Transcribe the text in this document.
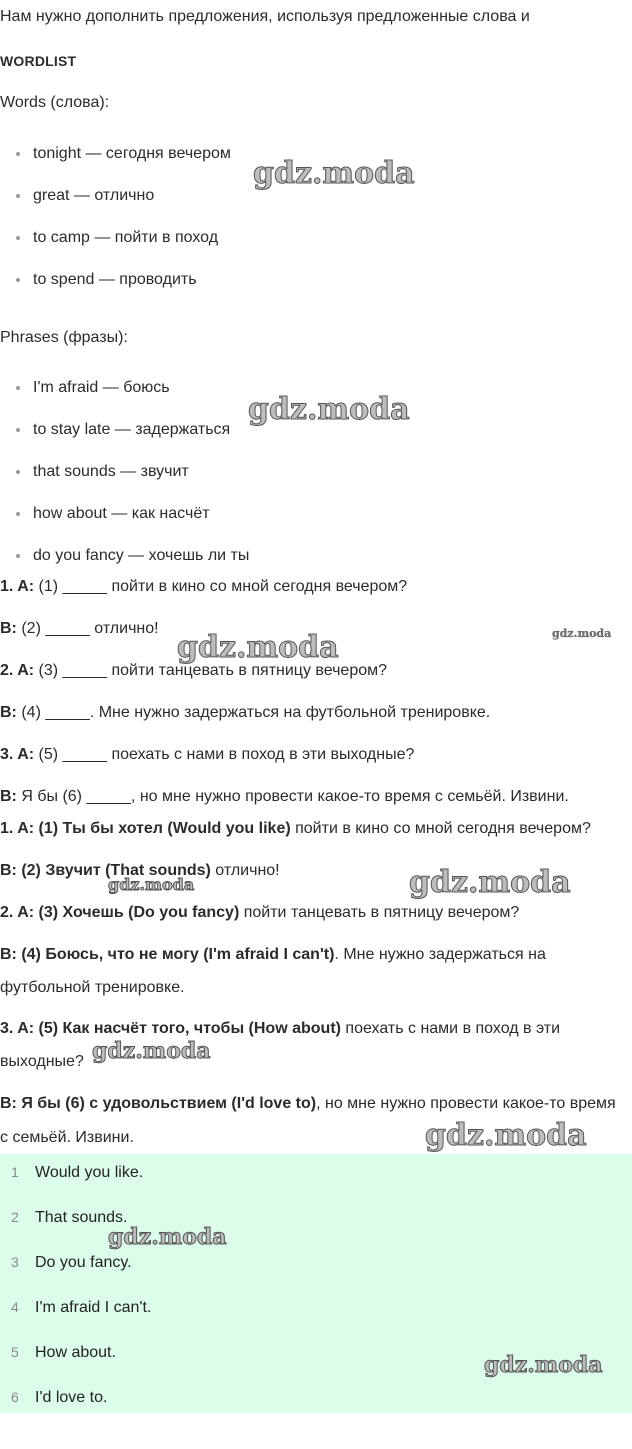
Нам нужно дополнить предложения, используя предложенные слова и
WORDLIST
Words (слова):
tonight — сегодня вечером
great — отлично
to camp — пойти в поход
to spend — проводить
Phrases (фразы):
I'm afraid — боюсь
to stay late — задержаться
that sounds — звучит
how about — как насчёт
do you fancy — хочешь ли ты
1. A: (1) _____ пойти в кино со мной сегодня вечером?
B: (2) _____ отлично!
2. A: (3) _____ пойти танцевать в пятницу вечером?
B: (4) _____. Мне нужно задержаться на футбольной тренировке.
3. A: (5) _____ поехать с нами в поход в эти выходные?
B: Я бы (6) _____, но мне нужно провести какое-то время с семьёй. Извини.
1. A: (1) Ты бы хотел (Would you like) пойти в кино со мной сегодня вечером?
B: (2) Звучит (That sounds) отлично!
2. A: (3) Хочешь (Do you fancy) пойти танцевать в пятницу вечером?
B: (4) Боюсь, что не могу (I'm afraid I can't). Мне нужно задержаться на
футбольной тренировке.
3. A: (5) Как насчёт того, чтобы (How about) поехать с нами в поход в эти
выходные?
B: Я бы (6) с удовольствием (I'd love to), но мне нужно провести какое-то время
с семьёй. Извини.
1 Would you like.
2 That sounds.
3 Do you fancy.
4 I'm afraid I can't.
5 How about.
6 I'd love to.
gdz.moda
gdz.moda
gdz.moda	gdz.moda
gdz.moda
gdz.moda
gdz.moda
gdz.moda
gdz.moda
gdz.moda
